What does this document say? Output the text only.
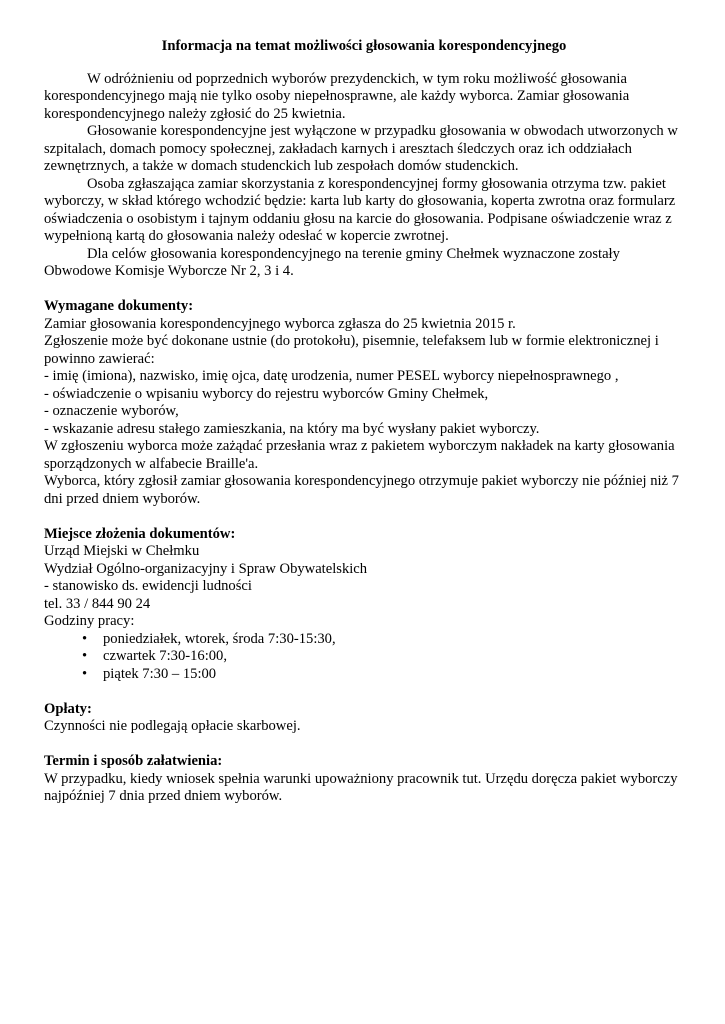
Informacja na temat możliwości głosowania korespondencyjnego

W odróżnieniu od poprzednich wyborów prezydenckich, w tym roku możliwość głosowania korespondencyjnego mają nie tylko osoby niepełnosprawne, ale każdy wyborca. Zamiar głosowania korespondencyjnego należy zgłosić do 25 kwietnia.

Głosowanie korespondencyjne jest wyłączone w przypadku głosowania w obwodach utworzonych w szpitalach, domach pomocy społecznej, zakładach karnych i aresztach śledczych oraz ich oddziałach zewnętrznych, a także w domach studenckich lub zespołach domów studenckich.

Osoba zgłaszająca zamiar skorzystania z korespondencyjnej formy głosowania otrzyma tzw. pakiet wyborczy, w skład którego wchodzić będzie: karta lub karty do głosowania, koperta zwrotna oraz formularz oświadczenia o osobistym i tajnym oddaniu głosu na karcie do głosowania. Podpisane oświadczenie wraz z wypełnioną kartą do głosowania należy odesłać w kopercie zwrotnej.

Dla celów głosowania korespondencyjnego na terenie gminy Chełmek wyznaczone zostały Obwodowe Komisje Wyborcze Nr 2, 3 i 4.

Wymagane dokumenty:

Zamiar głosowania korespondencyjnego wyborca zgłasza do 25 kwietnia 2015 r.

Zgłoszenie może być dokonane ustnie (do protokołu), pisemnie, telefaksem lub w formie elektronicznej i powinno zawierać:

- imię (imiona), nazwisko, imię ojca, datę urodzenia, numer PESEL wyborcy niepełnosprawnego ,

- oświadczenie o wpisaniu wyborcy do rejestru wyborców Gminy Chełmek,

- oznaczenie wyborów,

- wskazanie adresu stałego zamieszkania, na który ma być wysłany pakiet wyborczy.

W zgłoszeniu wyborca może zażądać przesłania wraz z pakietem wyborczym nakładek na karty głosowania sporządzonych w alfabecie Braille'a.

Wyborca, który zgłosił zamiar głosowania korespondencyjnego otrzymuje pakiet wyborczy nie później niż 7 dni przed dniem wyborów.

Miejsce złożenia dokumentów:

Urząd Miejski w Chełmku

Wydział Ogólno-organizacyjny i Spraw Obywatelskich

- stanowisko ds. ewidencji ludności

tel. 33 / 844 90 24

Godziny pracy:

• poniedziałek, wtorek, środa 7:30-15:30,
• czwartek 7:30-16:00,
• piątek 7:30 – 15:00

Opłaty:

Czynności nie podlegają opłacie skarbowej.

Termin i sposób załatwienia:

W przypadku, kiedy wniosek spełnia warunki upoważniony pracownik tut. Urzędu doręcza pakiet wyborczy najpóźniej 7 dnia przed dniem wyborów.
